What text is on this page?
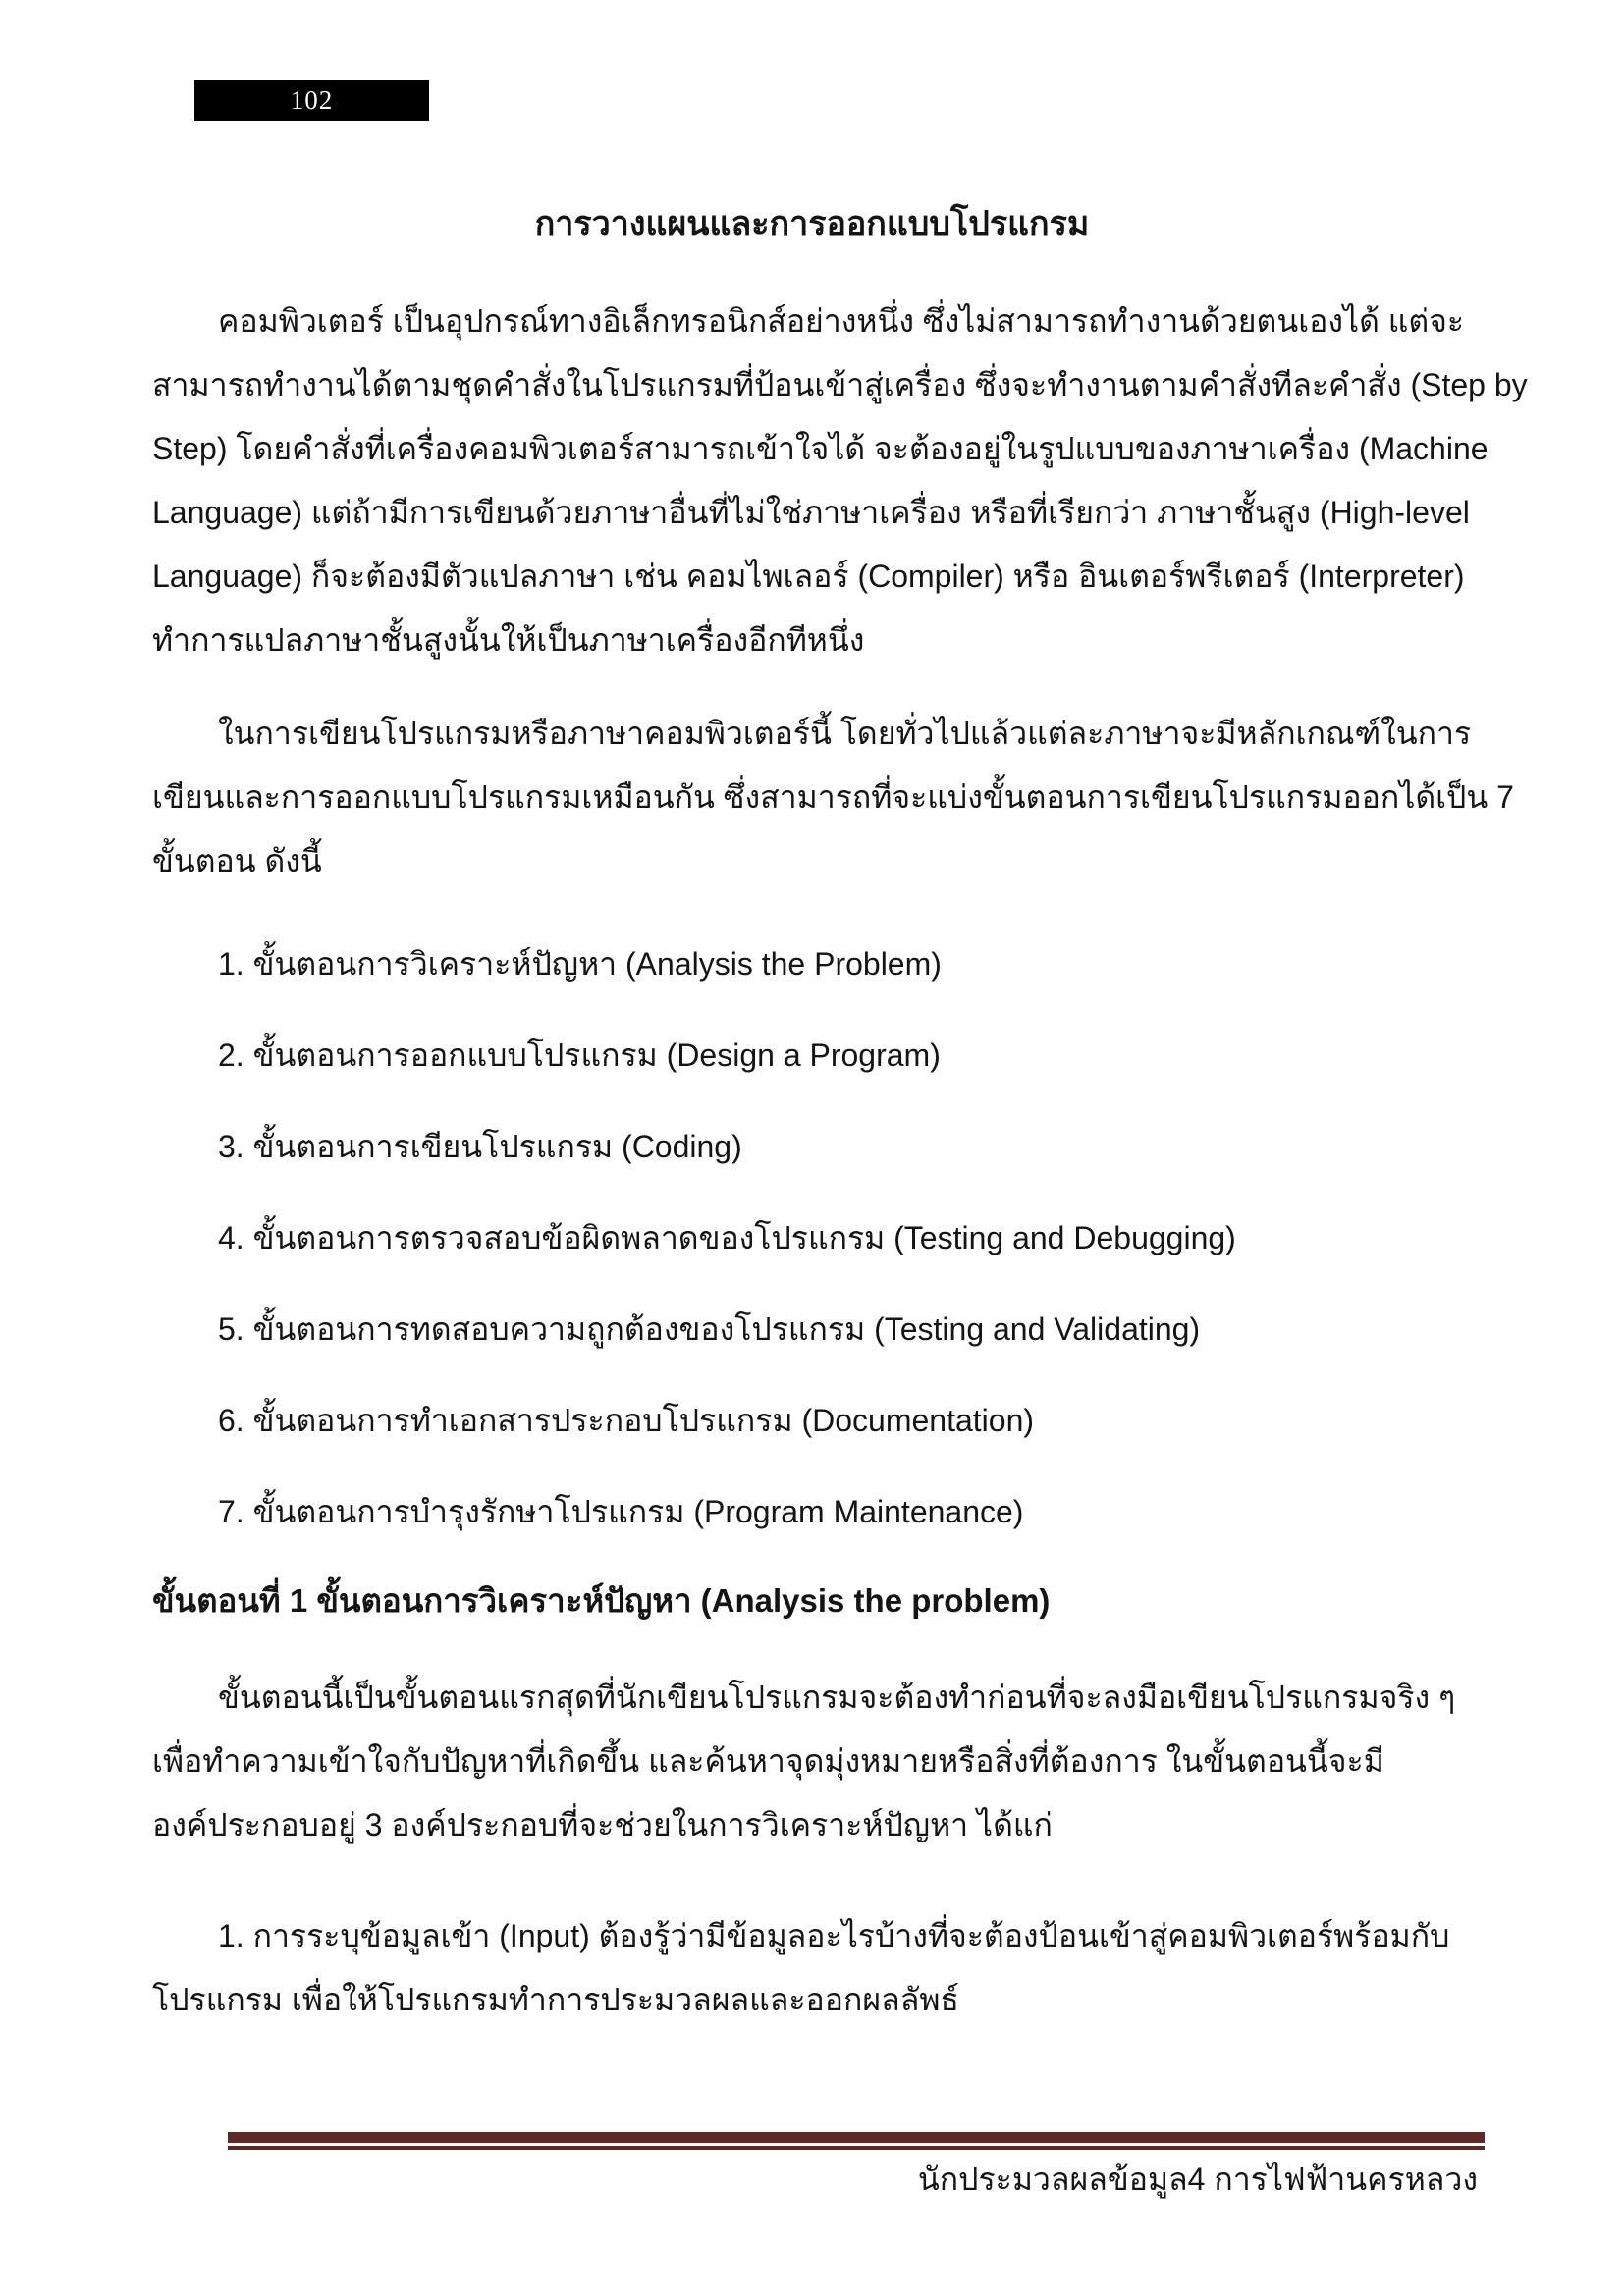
102
การวางแผนและการออกแบบโปรแกรม
คอมพิวเตอร์ เป็นอุปกรณ์ทางอิเล็กทรอนิกส์อย่างหนึ่ง ซึ่งไม่สามารถทำงานด้วยตนเองได้ แต่จะ
สามารถทำงานได้ตามชุดคำสั่งในโปรแกรมที่ป้อนเข้าสู่เครื่อง ซึ่งจะทำงานตามคำสั่งทีละคำสั่ง (Step by
Step) โดยคำสั่งที่เครื่องคอมพิวเตอร์สามารถเข้าใจได้ จะต้องอยู่ในรูปแบบของภาษาเครื่อง (Machine
Language) แต่ถ้ามีการเขียนด้วยภาษาอื่นที่ไม่ใช่ภาษาเครื่อง หรือที่เรียกว่า ภาษาชั้นสูง (High-level
Language) ก็จะต้องมีตัวแปลภาษา เช่น คอมไพเลอร์ (Compiler) หรือ อินเตอร์พรีเตอร์ (Interpreter)
ทำการแปลภาษาชั้นสูงนั้นให้เป็นภาษาเครื่องอีกทีหนึ่ง
ในการเขียนโปรแกรมหรือภาษาคอมพิวเตอร์นี้ โดยทั่วไปแล้วแต่ละภาษาจะมีหลักเกณฑ์ในการ
เขียนและการออกแบบโปรแกรมเหมือนกัน ซึ่งสามารถที่จะแบ่งขั้นตอนการเขียนโปรแกรมออกได้เป็น 7
ขั้นตอน ดังนี้
1. ขั้นตอนการวิเคราะห์ปัญหา (Analysis the Problem)
2. ขั้นตอนการออกแบบโปรแกรม (Design a Program)
3. ขั้นตอนการเขียนโปรแกรม (Coding)
4. ขั้นตอนการตรวจสอบข้อผิดพลาดของโปรแกรม (Testing and Debugging)
5. ขั้นตอนการทดสอบความถูกต้องของโปรแกรม (Testing and Validating)
6. ขั้นตอนการทำเอกสารประกอบโปรแกรม (Documentation)
7. ขั้นตอนการบำรุงรักษาโปรแกรม (Program Maintenance)
ขั้นตอนที่ 1 ขั้นตอนการวิเคราะห์ปัญหา (Analysis the problem)
ขั้นตอนนี้เป็นขั้นตอนแรกสุดที่นักเขียนโปรแกรมจะต้องทำก่อนที่จะลงมือเขียนโปรแกรมจริง ๆ
เพื่อทำความเข้าใจกับปัญหาที่เกิดขึ้น และค้นหาจุดมุ่งหมายหรือสิ่งที่ต้องการ ในขั้นตอนนี้จะมี
องค์ประกอบอยู่ 3 องค์ประกอบที่จะช่วยในการวิเคราะห์ปัญหา ได้แก่
1. การระบุข้อมูลเข้า (Input) ต้องรู้ว่ามีข้อมูลอะไรบ้างที่จะต้องป้อนเข้าสู่คอมพิวเตอร์พร้อมกับ
โปรแกรม เพื่อให้โปรแกรมทำการประมวลผลและออกผลลัพธ์
นักประมวลผลข้อมูล4 การไฟฟ้านครหลวง
